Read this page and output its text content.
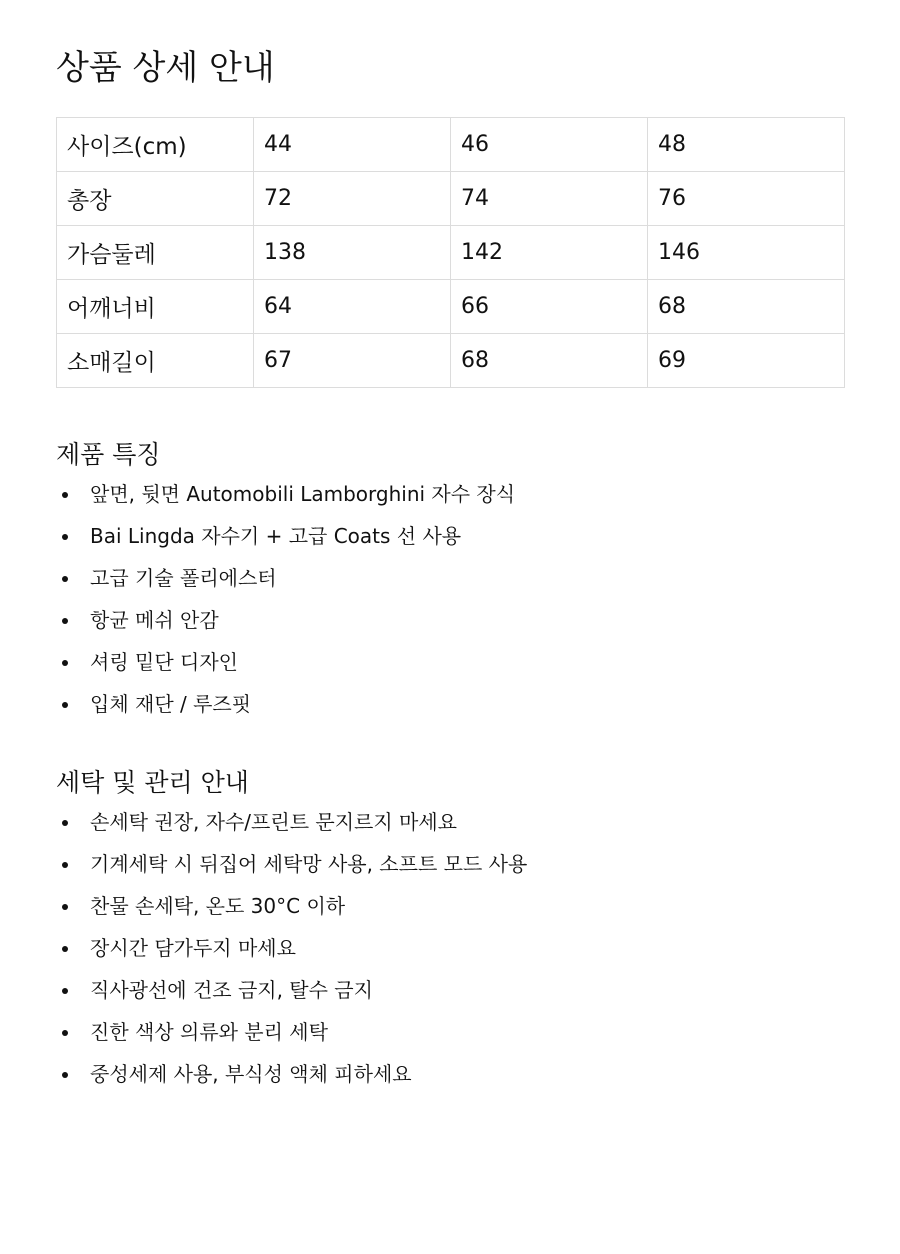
상품 상세 안내
사이즈(cm)	44	46	48
총장	72	74	76
가슴둘레	138	142	146
어깨너비	64	66	68
소매길이	67	68	69
제품 특징
앞면, 뒷면 Automobili Lamborghini 자수 장식
Bai Lingda 자수기 + 고급 Coats 선 사용
고급 기술 폴리에스터
항균 메쉬 안감
셔링 밑단 디자인
입체 재단 / 루즈핏
세탁 및 관리 안내
손세탁 권장, 자수/프린트 문지르지 마세요
기계세탁 시 뒤집어 세탁망 사용, 소프트 모드 사용
찬물 손세탁, 온도 30°C 이하
장시간 담가두지 마세요
직사광선에 건조 금지, 탈수 금지
진한 색상 의류와 분리 세탁
중성세제 사용, 부식성 액체 피하세요
